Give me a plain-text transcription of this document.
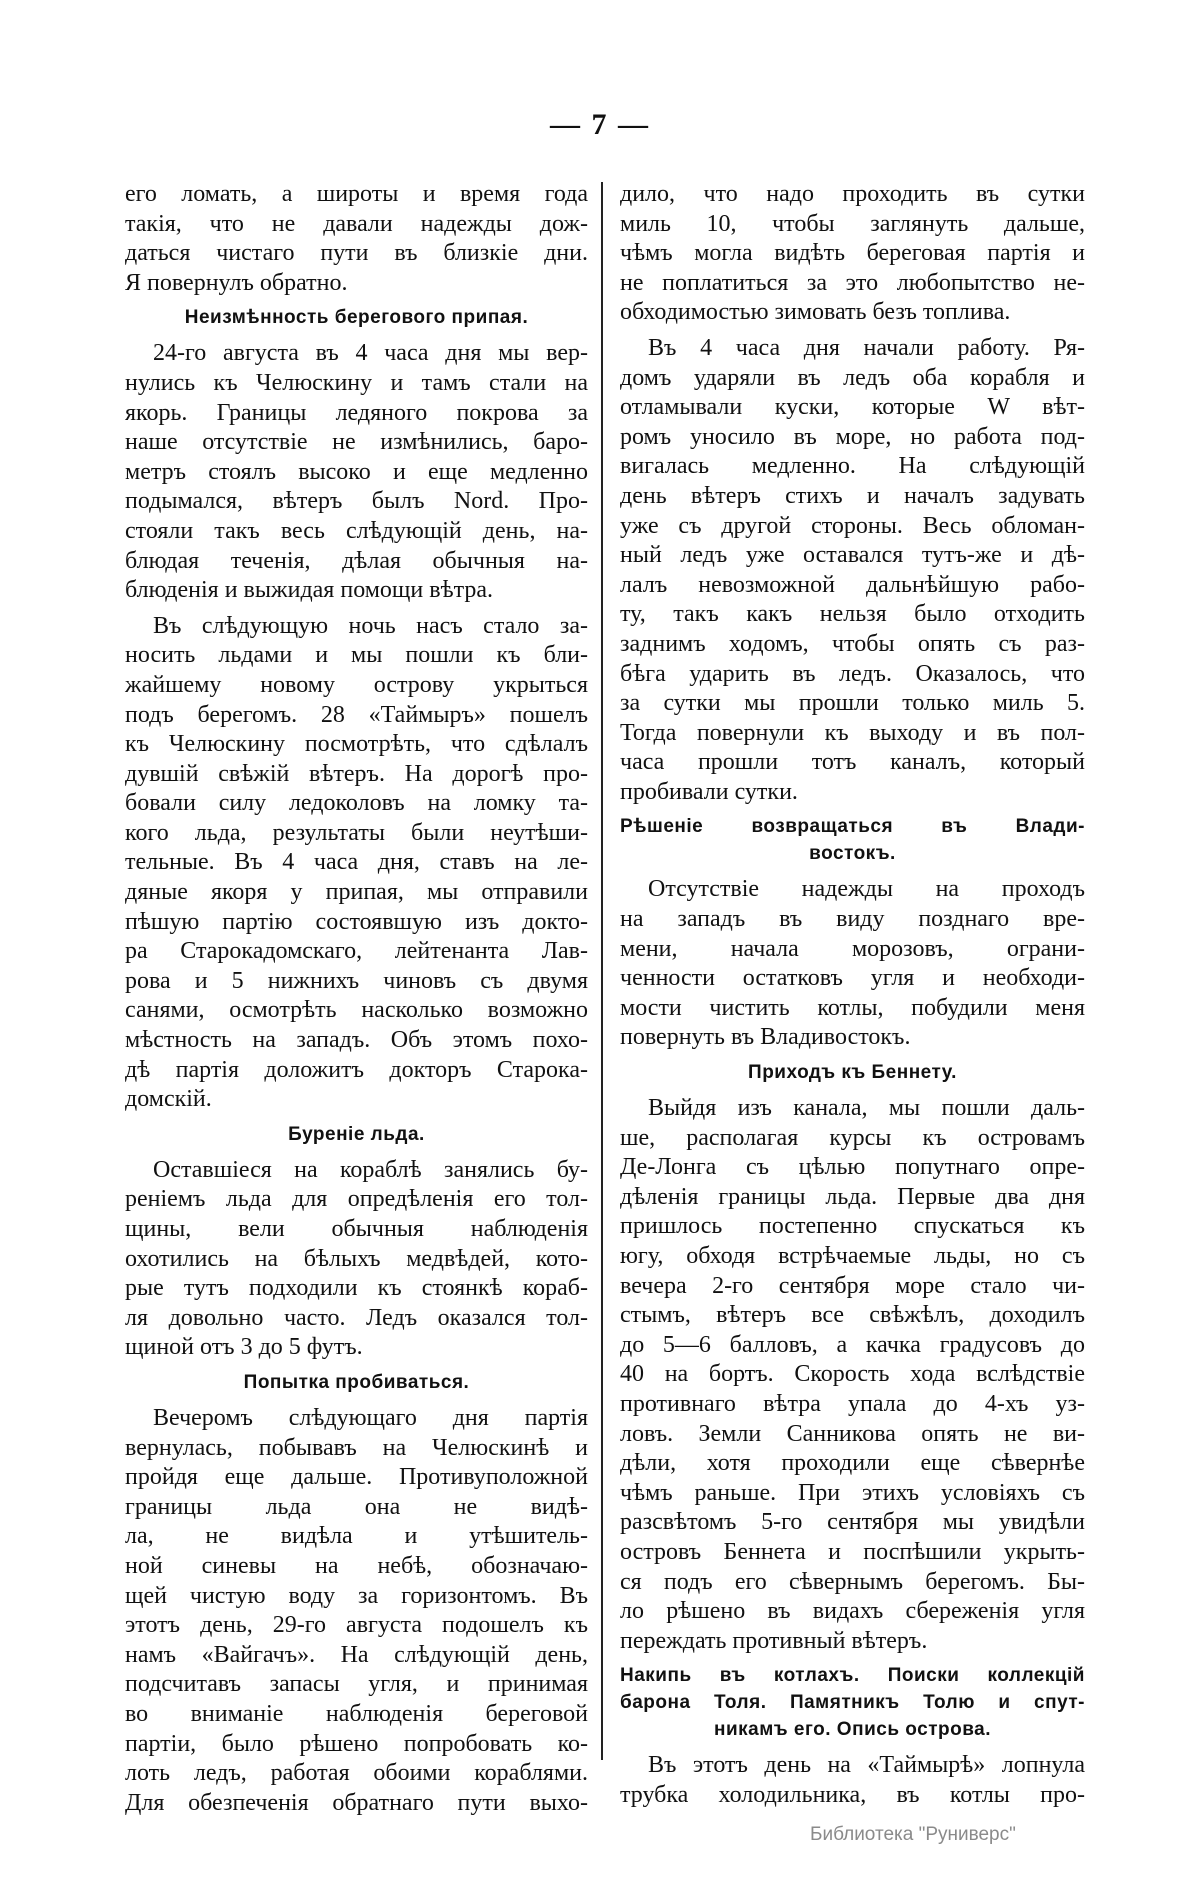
— 7 —
его ломать, а широты и время года
такія, что не давали надежды дож-
даться чистаго пути въ близкіе дни.
Я повернулъ обратно.
Неизмѣнность берегового припая.
24-го августа въ 4 часа дня мы вер-
нулись къ Челюскину и тамъ стали на
якорь. Границы ледяного покрова за
наше отсутствіе не измѣнились, баро-
метръ стоялъ высоко и еще медленно
подымался, вѣтеръ былъ Nord. Про-
стояли такъ весь слѣдующій день, на-
блюдая теченія, дѣлая обычныя на-
блюденія и выжидая помощи вѣтра.
Въ слѣдующую ночь насъ стало за-
носить льдами и мы пошли къ бли-
жайшему новому острову укрыться
подъ берегомъ. 28 «Таймыръ» пошелъ
къ Челюскину посмотрѣть, что сдѣлалъ
дувшій свѣжій вѣтеръ. На дорогѣ про-
бовали силу ледоколовъ на ломку та-
кого льда, результаты были неутѣши-
тельные. Въ 4 часа дня, ставъ на ле-
дяные якоря у припая, мы отправили
пѣшую партію состоявшую изъ докто-
ра Старокадомскаго, лейтенанта Лав-
рова и 5 нижнихъ чиновъ съ двумя
санями, осмотрѣть насколько возможно
мѣстность на западъ. Объ этомъ похо-
дѣ партія доложитъ докторъ Старока-
домскій.
Буреніе льда.
Оставшіеся на кораблѣ занялись бу-
реніемъ льда для опредѣленія его тол-
щины, вели обычныя наблюденія
охотились на бѣлыхъ медвѣдей, кото-
рые тутъ подходили къ стоянкѣ кораб-
ля довольно часто. Ледъ оказался тол-
щиной отъ 3 до 5 футъ.
Попытка пробиваться.
Вечеромъ слѣдующаго дня партія
вернулась, побывавъ на Челюскинѣ и
пройдя еще дальше. Противуположной
границы льда она не видѣ-
ла, не видѣла и утѣшитель-
ной синевы на небѣ, обозначаю-
щей чистую воду за горизонтомъ. Въ
этотъ день, 29-го августа подошелъ къ
намъ «Вайгачъ». На слѣдующій день,
подсчитавъ запасы угля, и принимая
во вниманіе наблюденія береговой
партіи, было рѣшено попробовать ко-
лоть ледъ, работая обоими кораблями.
Для обезпеченія обратнаго пути выхо-
дило, что надо проходить въ сутки
миль 10, чтобы заглянуть дальше,
чѣмъ могла видѣть береговая партія и
не поплатиться за это любопытство не-
обходимостью зимовать безъ топлива.
Въ 4 часа дня начали работу. Ря-
домъ ударяли въ ледъ оба корабля и
отламывали куски, которые W вѣт-
ромъ уносило въ море, но работа под-
вигалась медленно. На слѣдующій
день вѣтеръ стихъ и началъ задувать
уже съ другой стороны. Весь обломан-
ный ледъ уже оставался тутъ-же и дѣ-
лалъ невозможной дальнѣйшую рабо-
ту, такъ какъ нельзя было отходить
заднимъ ходомъ, чтобы опять съ раз-
бѣга ударить въ ледъ. Оказалось, что
за сутки мы прошли только миль 5.
Тогда повернули къ выходу и въ пол-
часа прошли тотъ каналъ, который
пробивали сутки.
Рѣшеніе возвращаться въ Влади-
востокъ.
Отсутствіе надежды на проходъ
на западъ въ виду позднаго вре-
мени, начала морозовъ, ограни-
ченности остатковъ угля и необходи-
мости чистить котлы, побудили меня
повернуть въ Владивостокъ.
Приходъ къ Беннету.
Выйдя изъ канала, мы пошли даль-
ше, располагая курсы къ островамъ
Де-Лонга съ цѣлью попутнаго опре-
дѣленія границы льда. Первые два дня
пришлось постепенно спускаться къ
югу, обходя встрѣчаемые льды, но съ
вечера 2-го сентября море стало чи-
стымъ, вѣтеръ все свѣжѣлъ, доходилъ
до 5—6 балловъ, а качка градусовъ до
40 на бортъ. Скорость хода вслѣдствіе
противнаго вѣтра упала до 4-хъ уз-
ловъ. Земли Санникова опять не ви-
дѣли, хотя проходили еще сѣвернѣе
чѣмъ раньше. При этихъ условіяхъ съ
разсвѣтомъ 5-го сентября мы увидѣли
островъ Беннета и поспѣшили укрыть-
ся подъ его сѣвернымъ берегомъ. Бы-
ло рѣшено въ видахъ сбереженія угля
переждать противный вѣтеръ.
Накипь въ котлахъ. Поиски коллекцій
барона Толя. Памятникъ Толю и спут-
никамъ его. Опись острова.
Въ этотъ день на «Таймырѣ» лопнула
трубка холодильника, въ котлы про-
Библиотека "Руниверс"
